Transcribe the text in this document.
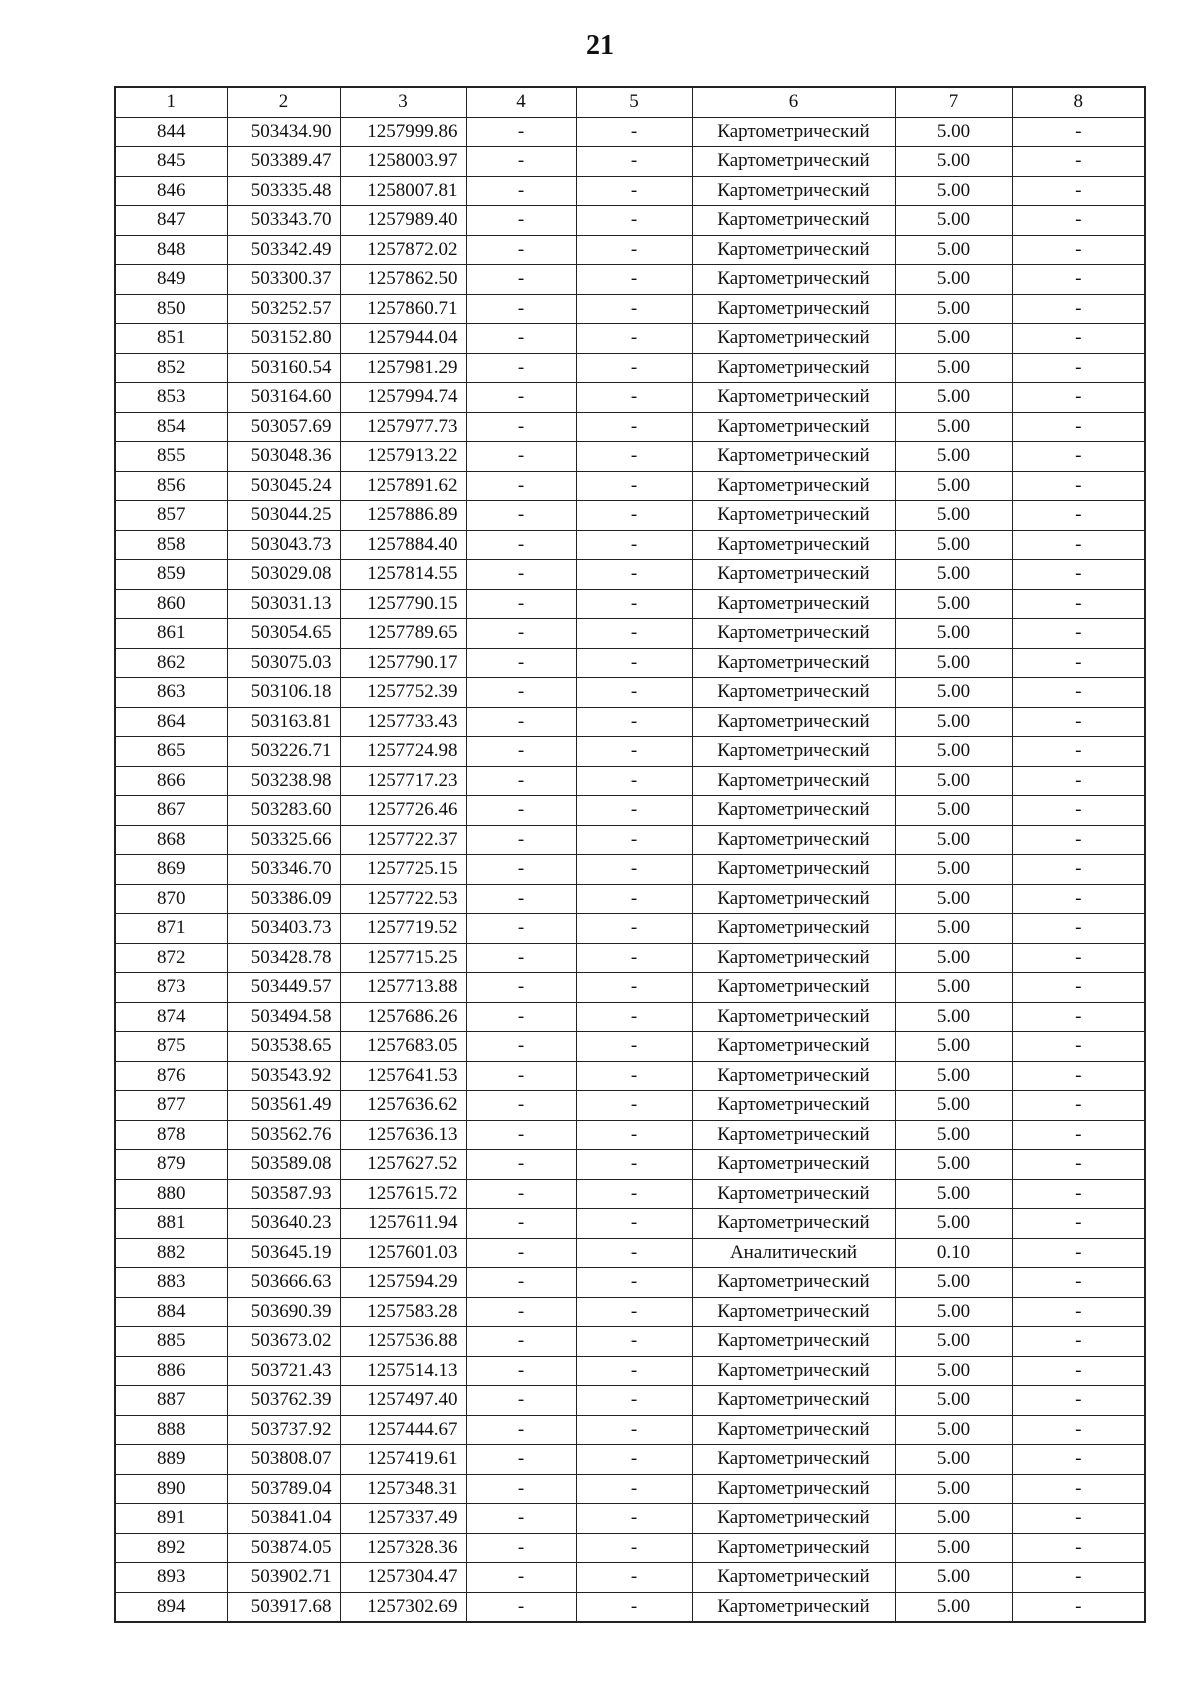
21
1	2	3	4	5	6	7	8
844	503434.90	1257999.86	-	-	Картометрический	5.00	-
845	503389.47	1258003.97	-	-	Картометрический	5.00	-
846	503335.48	1258007.81	-	-	Картометрический	5.00	-
847	503343.70	1257989.40	-	-	Картометрический	5.00	-
848	503342.49	1257872.02	-	-	Картометрический	5.00	-
849	503300.37	1257862.50	-	-	Картометрический	5.00	-
850	503252.57	1257860.71	-	-	Картометрический	5.00	-
851	503152.80	1257944.04	-	-	Картометрический	5.00	-
852	503160.54	1257981.29	-	-	Картометрический	5.00	-
853	503164.60	1257994.74	-	-	Картометрический	5.00	-
854	503057.69	1257977.73	-	-	Картометрический	5.00	-
855	503048.36	1257913.22	-	-	Картометрический	5.00	-
856	503045.24	1257891.62	-	-	Картометрический	5.00	-
857	503044.25	1257886.89	-	-	Картометрический	5.00	-
858	503043.73	1257884.40	-	-	Картометрический	5.00	-
859	503029.08	1257814.55	-	-	Картометрический	5.00	-
860	503031.13	1257790.15	-	-	Картометрический	5.00	-
861	503054.65	1257789.65	-	-	Картометрический	5.00	-
862	503075.03	1257790.17	-	-	Картометрический	5.00	-
863	503106.18	1257752.39	-	-	Картометрический	5.00	-
864	503163.81	1257733.43	-	-	Картометрический	5.00	-
865	503226.71	1257724.98	-	-	Картометрический	5.00	-
866	503238.98	1257717.23	-	-	Картометрический	5.00	-
867	503283.60	1257726.46	-	-	Картометрический	5.00	-
868	503325.66	1257722.37	-	-	Картометрический	5.00	-
869	503346.70	1257725.15	-	-	Картометрический	5.00	-
870	503386.09	1257722.53	-	-	Картометрический	5.00	-
871	503403.73	1257719.52	-	-	Картометрический	5.00	-
872	503428.78	1257715.25	-	-	Картометрический	5.00	-
873	503449.57	1257713.88	-	-	Картометрический	5.00	-
874	503494.58	1257686.26	-	-	Картометрический	5.00	-
875	503538.65	1257683.05	-	-	Картометрический	5.00	-
876	503543.92	1257641.53	-	-	Картометрический	5.00	-
877	503561.49	1257636.62	-	-	Картометрический	5.00	-
878	503562.76	1257636.13	-	-	Картометрический	5.00	-
879	503589.08	1257627.52	-	-	Картометрический	5.00	-
880	503587.93	1257615.72	-	-	Картометрический	5.00	-
881	503640.23	1257611.94	-	-	Картометрический	5.00	-
882	503645.19	1257601.03	-	-	Аналитический	0.10	-
883	503666.63	1257594.29	-	-	Картометрический	5.00	-
884	503690.39	1257583.28	-	-	Картометрический	5.00	-
885	503673.02	1257536.88	-	-	Картометрический	5.00	-
886	503721.43	1257514.13	-	-	Картометрический	5.00	-
887	503762.39	1257497.40	-	-	Картометрический	5.00	-
888	503737.92	1257444.67	-	-	Картометрический	5.00	-
889	503808.07	1257419.61	-	-	Картометрический	5.00	-
890	503789.04	1257348.31	-	-	Картометрический	5.00	-
891	503841.04	1257337.49	-	-	Картометрический	5.00	-
892	503874.05	1257328.36	-	-	Картометрический	5.00	-
893	503902.71	1257304.47	-	-	Картометрический	5.00	-
894	503917.68	1257302.69	-	-	Картометрический	5.00	-
